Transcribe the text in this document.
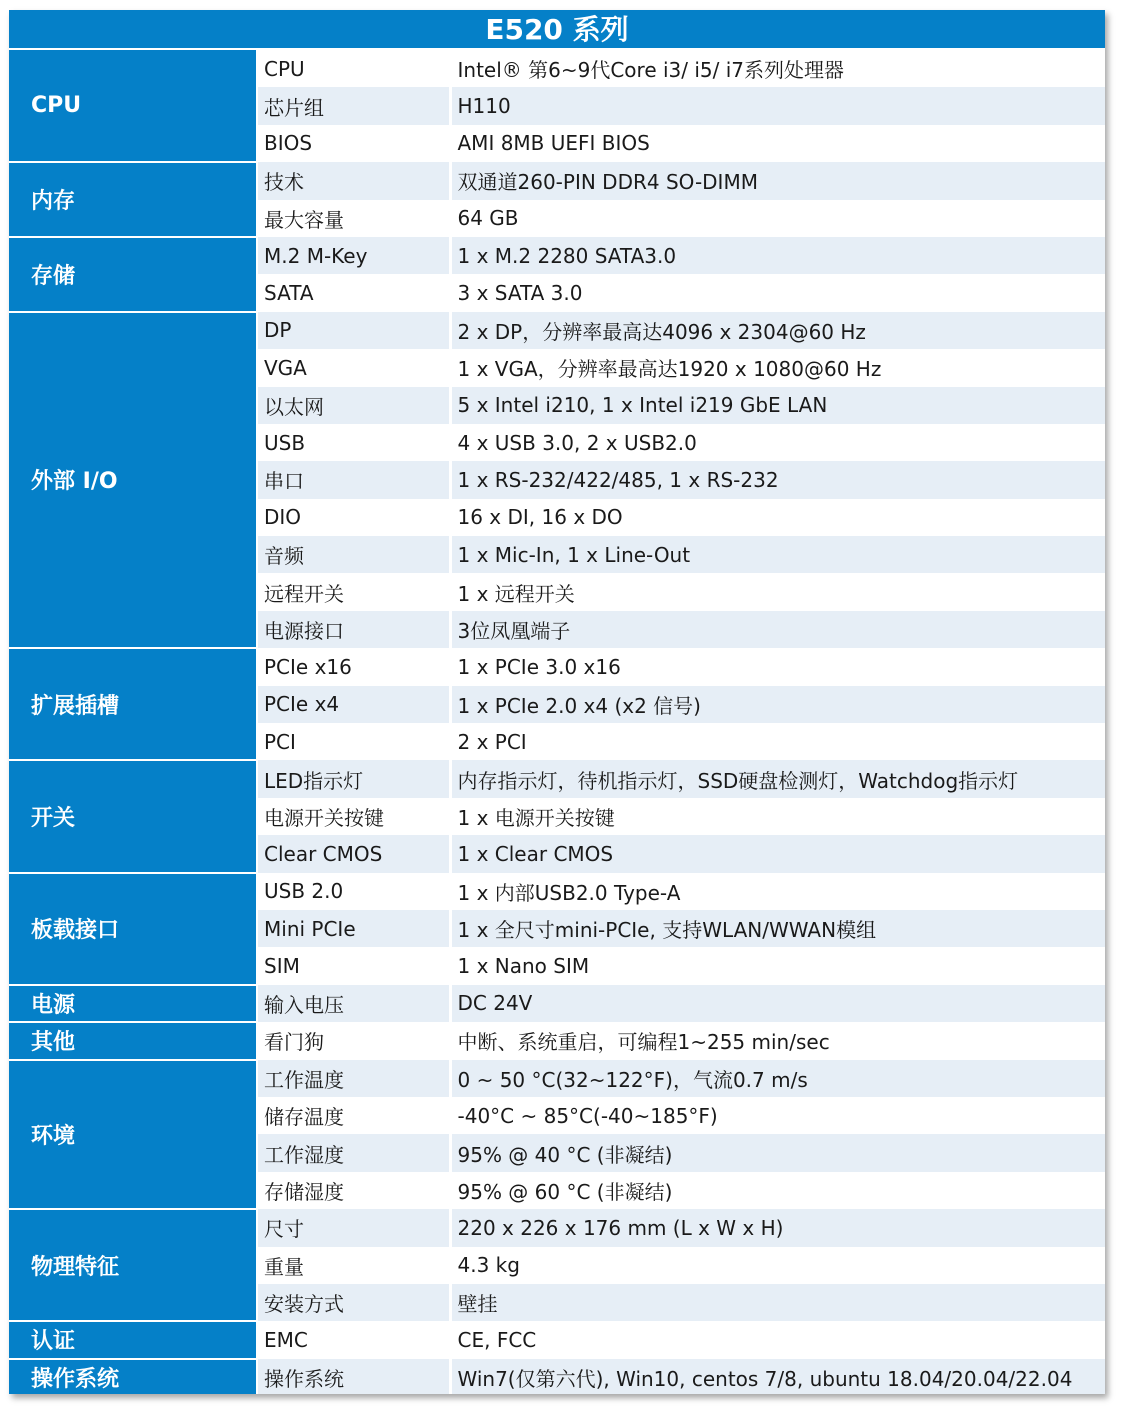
E520 系列
CPU	CPU	Intel® 第6~9代Core i3/ i5/ i7系列处理器
	芯片组	H110
	BIOS	AMI 8MB UEFI BIOS
内存	技术	双通道260-PIN DDR4 SO-DIMM
	最大容量	64 GB
存储	M.2 M-Key	1 x M.2 2280 SATA3.0
	SATA	3 x SATA 3.0
外部 I/O	DP	2 x DP，分辨率最高达4096 x 2304@60 Hz
	VGA	1 x VGA，分辨率最高达1920 x 1080@60 Hz
	以太网	5 x Intel i210, 1 x Intel i219 GbE LAN
	USB	4 x USB 3.0, 2 x USB2.0
	串口	1 x RS-232/422/485, 1 x RS-232
	DIO	16 x DI, 16 x DO
	音频	1 x Mic-In, 1 x Line-Out
	远程开关	1 x 远程开关
	电源接口	3位凤凰端子
扩展插槽	PCIe x16	1 x PCIe 3.0 x16
	PCIe x4	1 x PCIe 2.0 x4 (x2 信号)
	PCI	2 x PCI
开关	LED指示灯	内存指示灯，待机指示灯，SSD硬盘检测灯，Watchdog指示灯
	电源开关按键	1 x 电源开关按键
	Clear CMOS	1 x Clear CMOS
板载接口	USB 2.0	1 x 内部USB2.0 Type-A
	Mini PCIe	1 x 全尺寸mini-PCIe, 支持WLAN/WWAN模组
	SIM	1 x Nano SIM
电源	输入电压	DC 24V
其他	看门狗	中断、系统重启，可编程1~255 min/sec
环境	工作温度	0 ~ 50 °C(32~122°F)，气流0.7 m/s
	储存温度	-40°C ~ 85°C(-40~185°F)
	工作湿度	95% @ 40 °C (非凝结)
	存储湿度	95% @ 60 °C (非凝结)
物理特征	尺寸	220 x 226 x 176 mm (L x W x H)
	重量	4.3 kg
	安装方式	壁挂
认证	EMC	CE, FCC
操作系统	操作系统	Win7(仅第六代), Win10, centos 7/8, ubuntu 18.04/20.04/22.04
